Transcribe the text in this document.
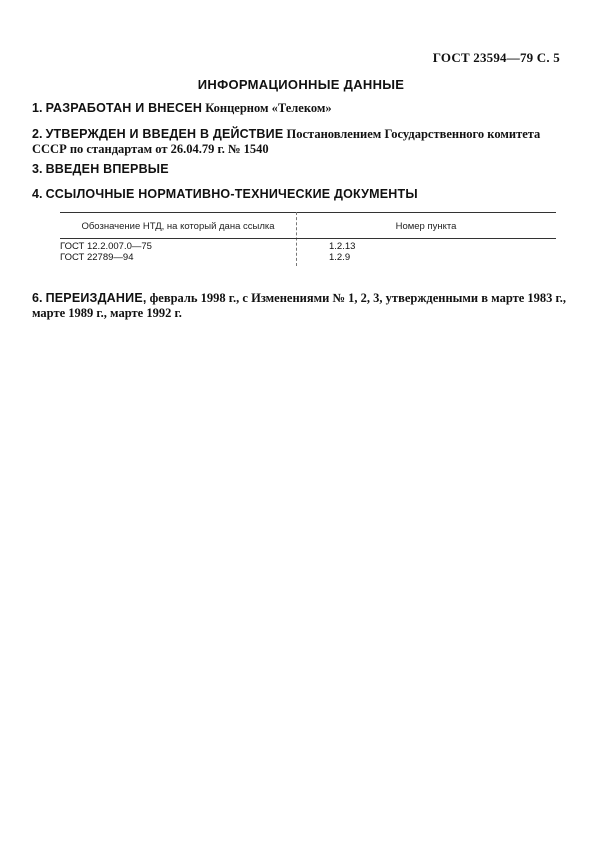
ГОСТ 23594—79 С. 5
ИНФОРМАЦИОННЫЕ ДАННЫЕ
1. РАЗРАБОТАН И ВНЕСЕН Концерном «Телеком»
2. УТВЕРЖДЕН И ВВЕДЕН В ДЕЙСТВИЕ Постановлением Государственного комитета СССР по стандартам от 26.04.79 г. № 1540
3. ВВЕДЕН ВПЕРВЫЕ
4. ССЫЛОЧНЫЕ НОРМАТИВНО-ТЕХНИЧЕСКИЕ ДОКУМЕНТЫ
Обозначение НТД, на который дана ссылка	Номер пункта
ГОСТ 12.2.007.0—75	1.2.13
ГОСТ 22789—94	1.2.9
6. ПЕРЕИЗДАНИЕ, февраль 1998 г., с Изменениями № 1, 2, 3, утвержденными в марте 1983 г., марте 1989 г., марте 1992 г.
